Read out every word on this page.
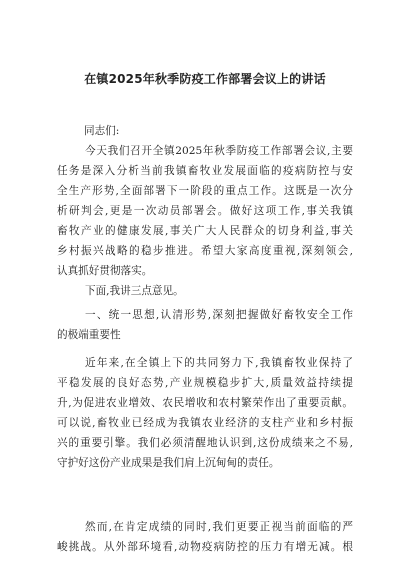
在镇2025年秋季防疫工作部署会议上的讲话
同志们:
今天我们召开全镇2025年秋季防疫工作部署会议,主要
任务是深入分析当前我镇畜牧业发展面临的疫病防控与安
全生产形势,全面部署下一阶段的重点工作。这既是一次分
析研判会,更是一次动员部署会。做好这项工作,事关我镇
畜牧产业的健康发展,事关广大人民群众的切身利益,事关
乡村振兴战略的稳步推进。希望大家高度重视,深刻领会,
认真抓好贯彻落实。
下面,我讲三点意见。
一、统一思想,认清形势,深刻把握做好畜牧安全工作
的极端重要性
近年来,在全镇上下的共同努力下,我镇畜牧业保持了
平稳发展的良好态势,产业规模稳步扩大,质量效益持续提
升,为促进农业增效、农民增收和农村繁荣作出了重要贡献。
可以说,畜牧业已经成为我镇农业经济的支柱产业和乡村振
兴的重要引擎。我们必须清醒地认识到,这份成绩来之不易,
守护好这份产业成果是我们肩上沉甸甸的责任。
然而,在肯定成绩的同时,我们更要正视当前面临的严
峻挑战。从外部环境看,动物疫病防控的压力有增无减。根
